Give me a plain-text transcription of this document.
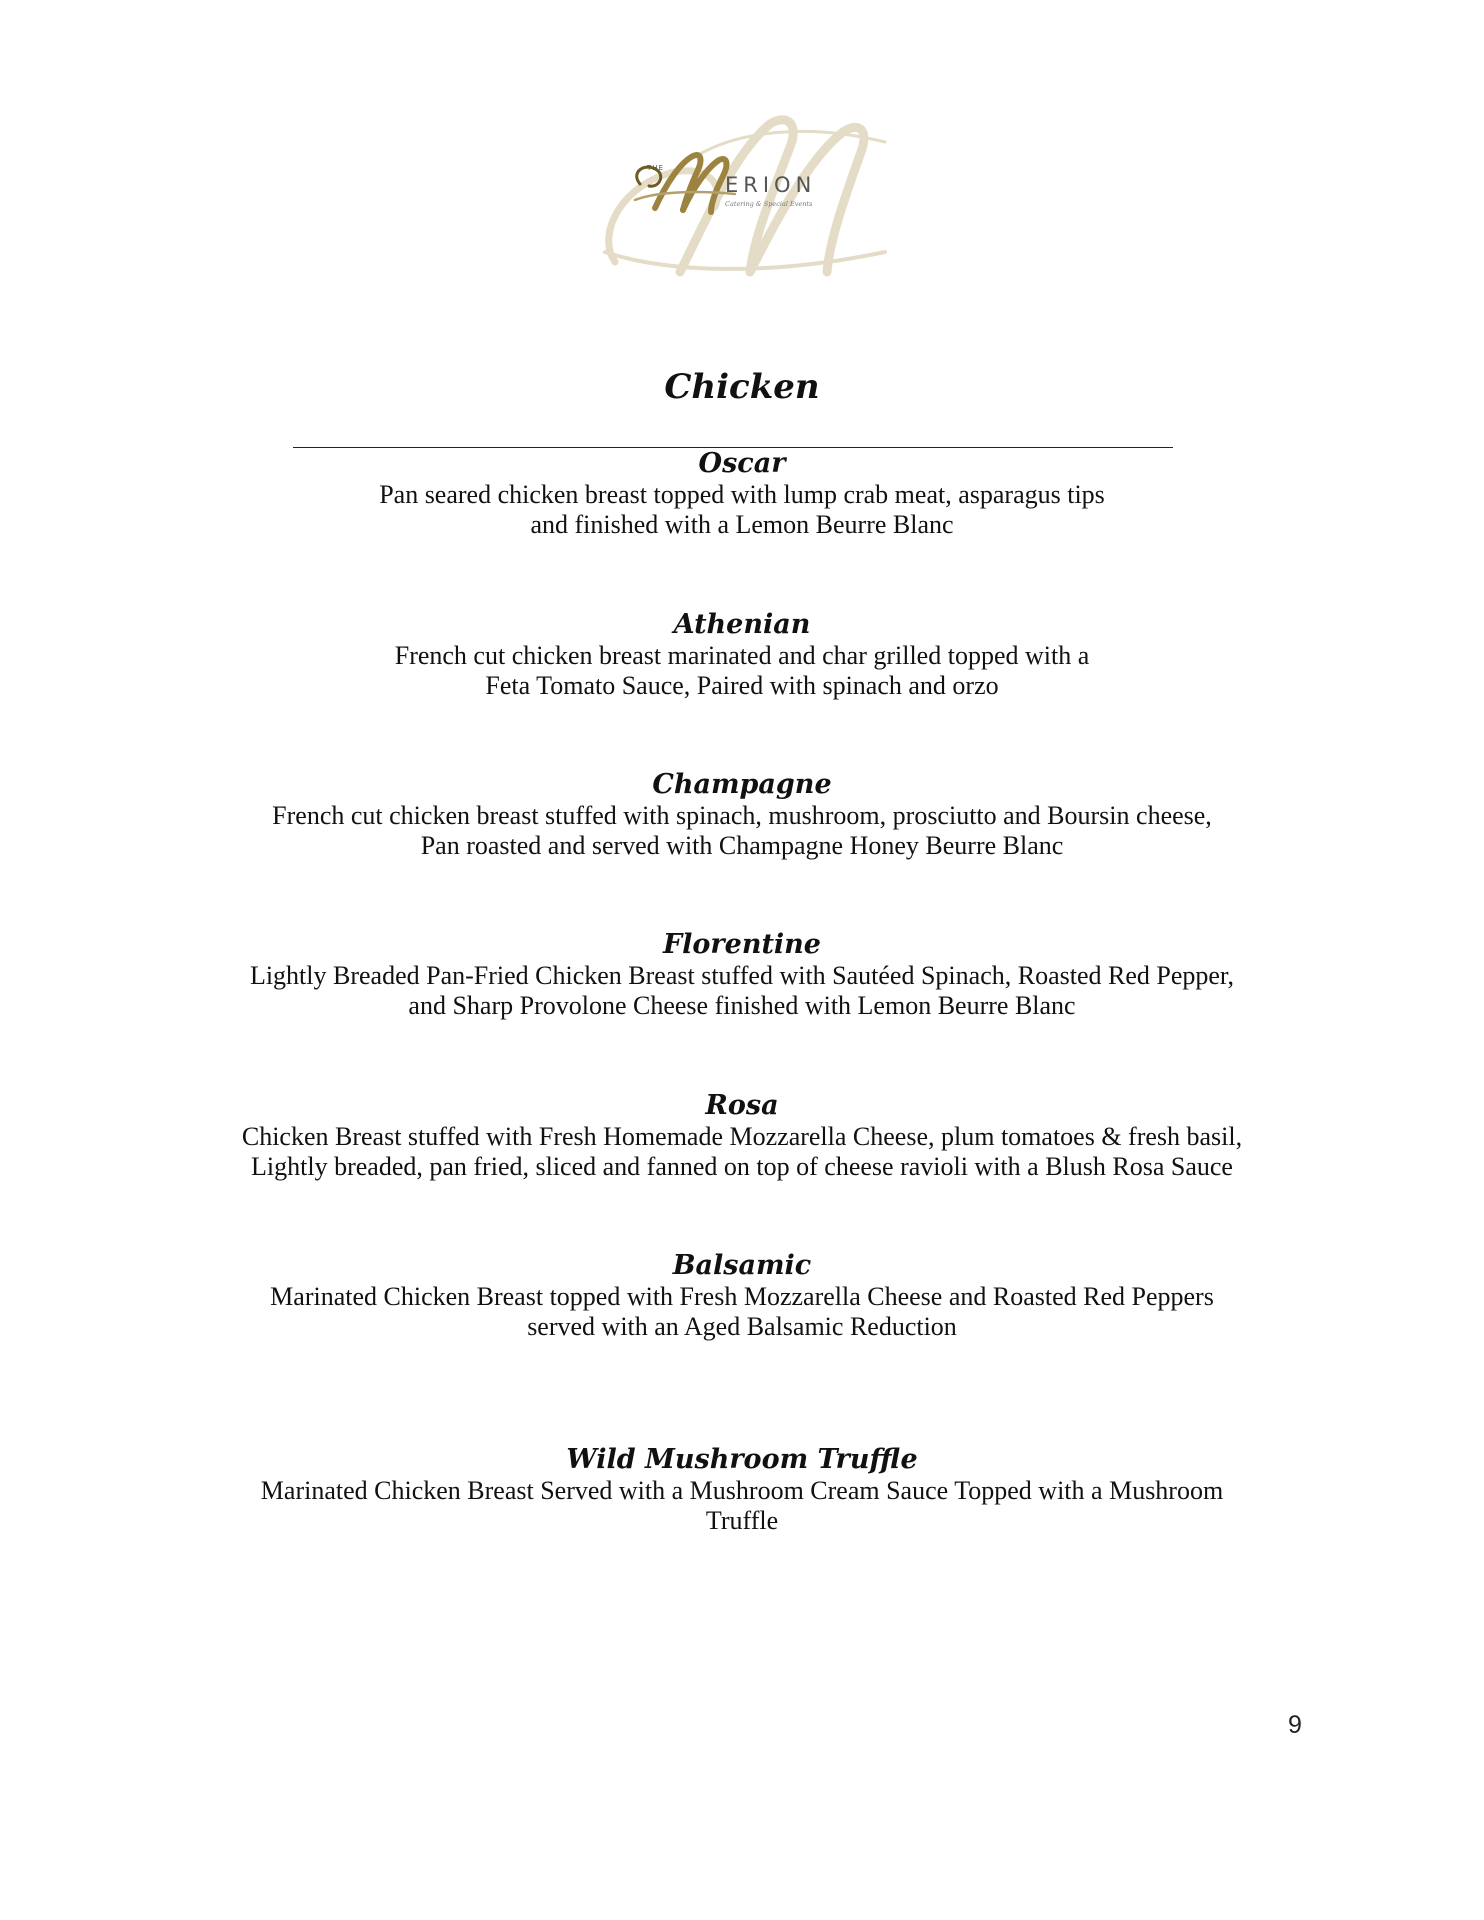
THE
ERION
Catering & Special Events
Chicken

Oscar

Pan seared chicken breast topped with lump crab meat, asparagus tips

and finished with a Lemon Beurre Blanc

Athenian

French cut chicken breast marinated and char grilled topped with a

Feta Tomato Sauce, Paired with spinach and orzo

Champagne

French cut chicken breast stuffed with spinach, mushroom, prosciutto and Boursin cheese,

Pan roasted and served with Champagne Honey Beurre Blanc

Florentine

Lightly Breaded Pan-Fried Chicken Breast stuffed with Sautéed Spinach, Roasted Red Pepper,

and Sharp Provolone Cheese finished with Lemon Beurre Blanc

Rosa

Chicken Breast stuffed with Fresh Homemade Mozzarella Cheese, plum tomatoes & fresh basil,

Lightly breaded, pan fried, sliced and fanned on top of cheese ravioli with a Blush Rosa Sauce

Balsamic

Marinated Chicken Breast topped with Fresh Mozzarella Cheese and Roasted Red Peppers

served with an Aged Balsamic Reduction

Wild Mushroom Truffle

Marinated Chicken Breast Served with a Mushroom Cream Sauce Topped with a Mushroom

Truffle

9
